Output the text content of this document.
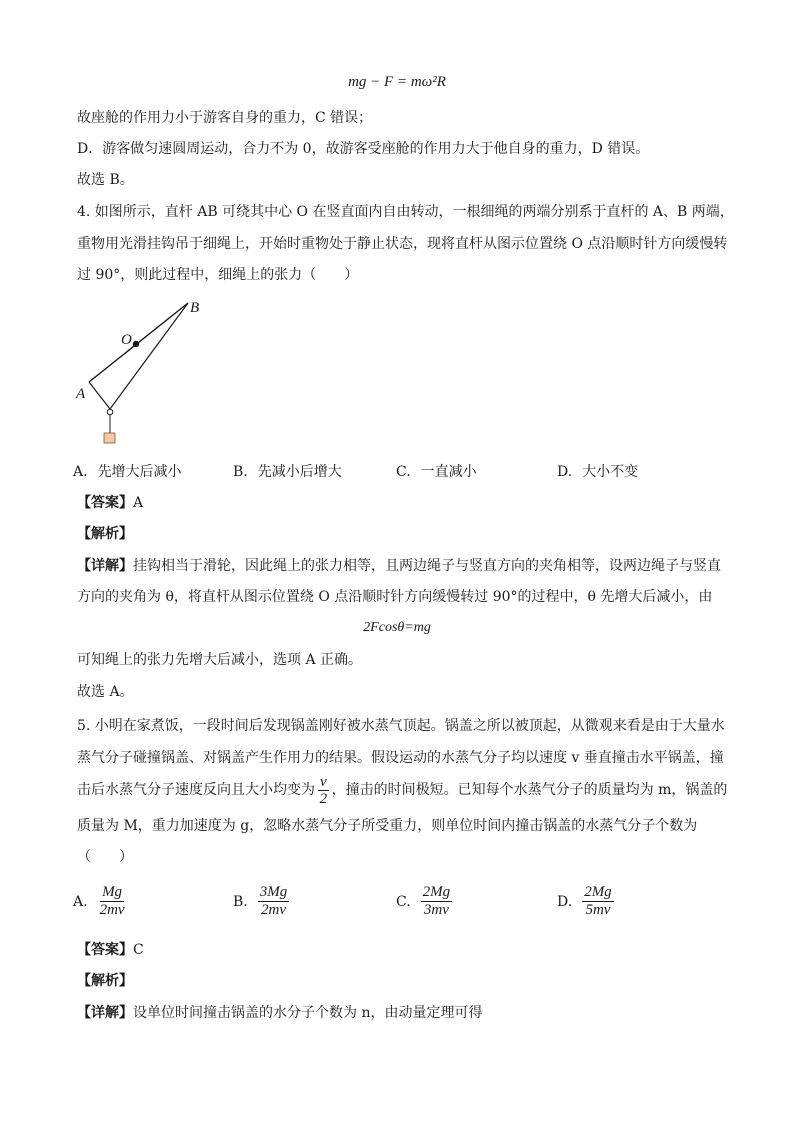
mg − F = mω²R
故座舱的作用力小于游客自身的重力，C 错误；
D．游客做匀速圆周运动，合力不为 0，故游客受座舱的作用力大于他自身的重力，D 错误。
故选 B。
4. 如图所示，直杆 AB 可绕其中心 O 在竖直面内自由转动，一根细绳的两端分别系于直杆的 A、B 两端，
重物用光滑挂钩吊于细绳上，开始时重物处于静止状态，现将直杆从图示位置绕 O 点沿顺时针方向缓慢转
过 90°，则此过程中，细绳上的张力（　　）
B
O
A
A. 先增大后减小	B. 先减小后增大	C. 一直减小	D. 大小不变
【答案】A
【解析】
【详解】挂钩相当于滑轮，因此绳上的张力相等，且两边绳子与竖直方向的夹角相等，设两边绳子与竖直
方向的夹角为 θ，将直杆从图示位置绕 O 点沿顺时针方向缓慢转过 90°的过程中，θ 先增大后减小，由
2Fcosθ=mg
可知绳上的张力先增大后减小，选项 A 正确。
故选 A。
5. 小明在家煮饭，一段时间后发现锅盖刚好被水蒸气顶起。锅盖之所以被顶起，从微观来看是由于大量水
蒸气分子碰撞锅盖、对锅盖产生作用力的结果。假设运动的水蒸气分子均以速度 v 垂直撞击水平锅盖，撞
击后水蒸气分子速度反向且大小均变为 $\frac{v}{2}$ ，撞击的时间极短。已知每个水蒸气分子的质量均为 m，锅盖的
质量为 M，重力加速度为 g，忽略水蒸气分子所受重力，则单位时间内撞击锅盖的水蒸气分子个数为
（　　）
A. $\frac{Mg}{2mv}$	B. $\frac{3Mg}{2mv}$	C. $\frac{2Mg}{3mv}$	D. $\frac{2Mg}{5mv}$
【答案】C
【解析】
【详解】设单位时间撞击锅盖的水分子个数为 n，由动量定理可得
